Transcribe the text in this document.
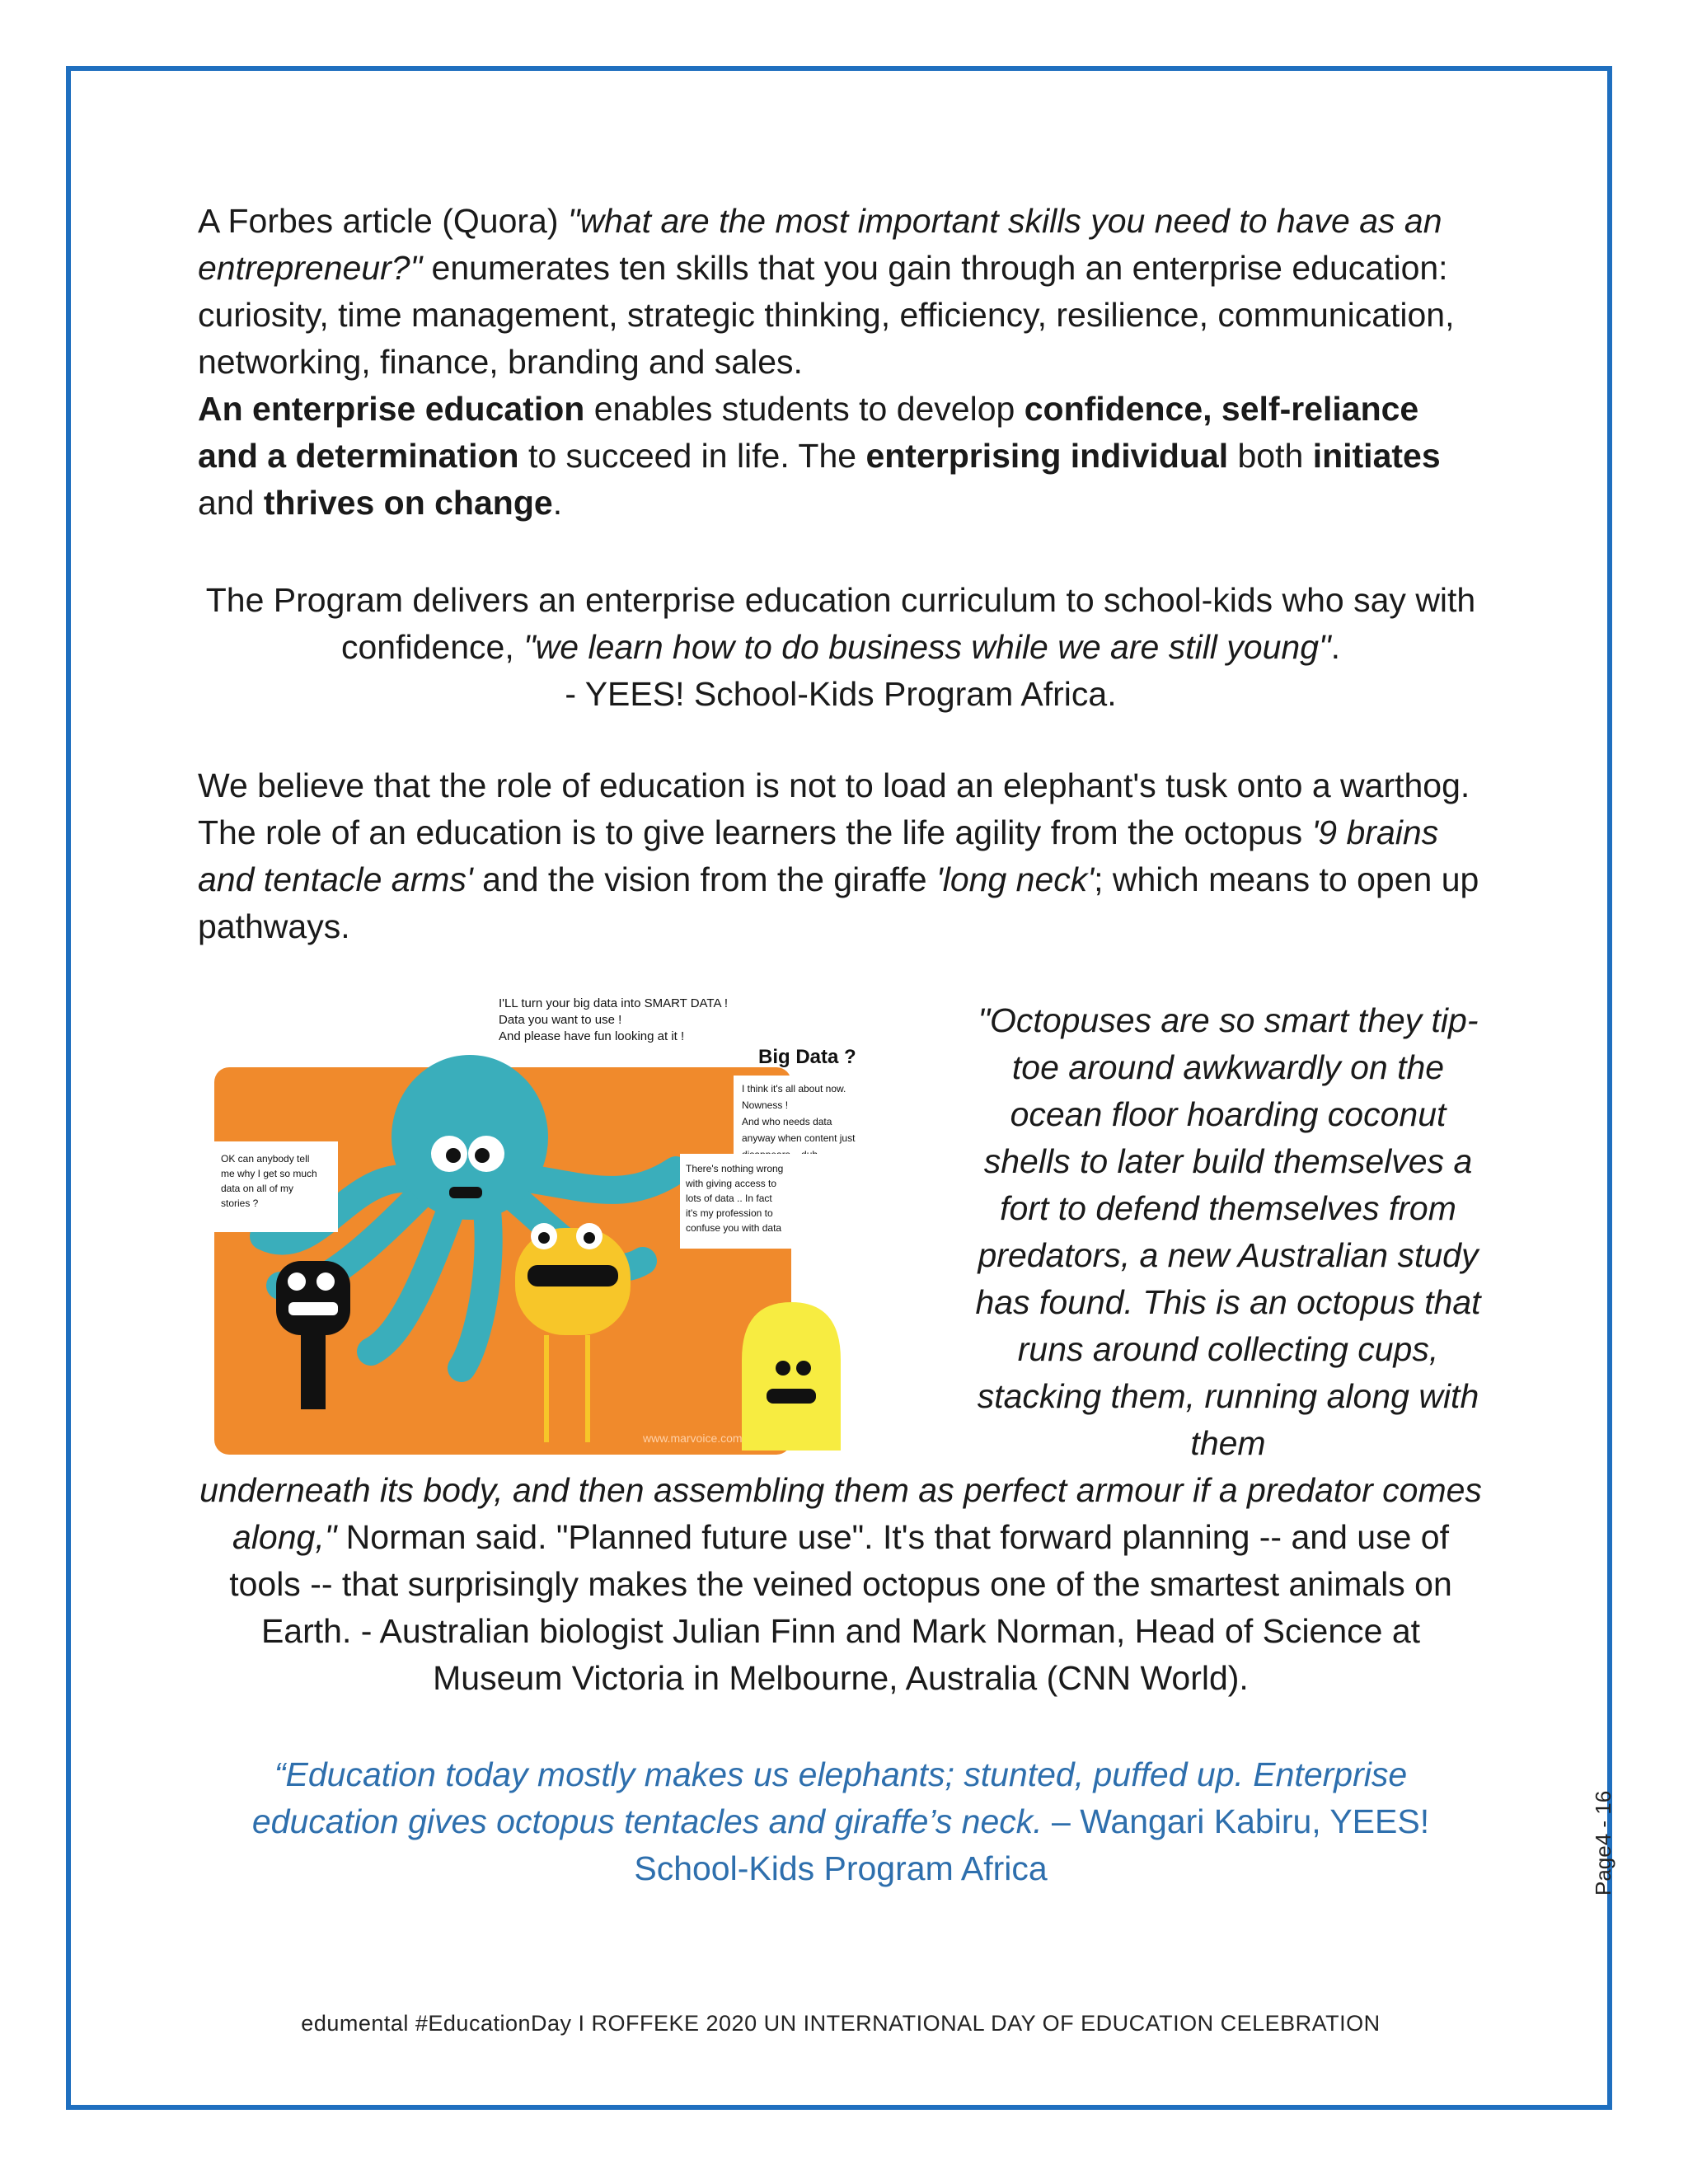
A Forbes article (Quora) "what are the most important skills you need to have as an entrepreneur?" enumerates ten skills that you gain through an enterprise education: curiosity, time management, strategic thinking, efficiency, resilience, communication, networking, finance, branding and sales.

An enterprise education enables students to develop confidence, self-reliance and a determination to succeed in life. The enterprising individual both initiates and thrives on change.

The Program delivers an enterprise education curriculum to school-kids who say with confidence, "we learn how to do business while we are still young".

- YEES! School-Kids Program Africa.

We believe that the role of education is not to load an elephant's tusk onto a warthog. The role of an education is to give learners the life agility from the octopus '9 brains and tentacle arms' and the vision from the giraffe 'long neck'; which means to open up pathways.

I'LL turn your big data into SMART DATA !
Data you want to use !
And please have fun looking at it !
Big Data ?
I think it's all about now.
Nowness !
And who needs data
anyway when content just
OK can anybody tell
me why I get so much
data on all of my
stories ?
There's nothing wrong
with giving access to
lots of data .. In fact
it's my profession to
confuse you with data
www.marvoice.com
"Octopuses are so smart they tip-toe around awkwardly on the ocean floor hoarding coconut shells to later build themselves a fort to defend themselves from predators, a new Australian study has found. This is an octopus that runs around collecting cups, stacking them, running along with them
underneath its body, and then assembling them as perfect armour if a predator comes along," Norman said. "Planned future use". It's that forward planning -- and use of tools -- that surprisingly makes the veined octopus one of the smartest animals on Earth. - Australian biologist Julian Finn and Mark Norman, Head of Science at Museum Victoria in Melbourne, Australia (CNN World).
“Education today mostly makes us elephants; stunted, puffed up. Enterprise education gives octopus tentacles and giraffe’s neck. – Wangari Kabiru, YEES! School-Kids Program Africa	Page4 - 16
edumental #EducationDay I ROFFEKE 2020 UN INTERNATIONAL DAY OF EDUCATION CELEBRATION
